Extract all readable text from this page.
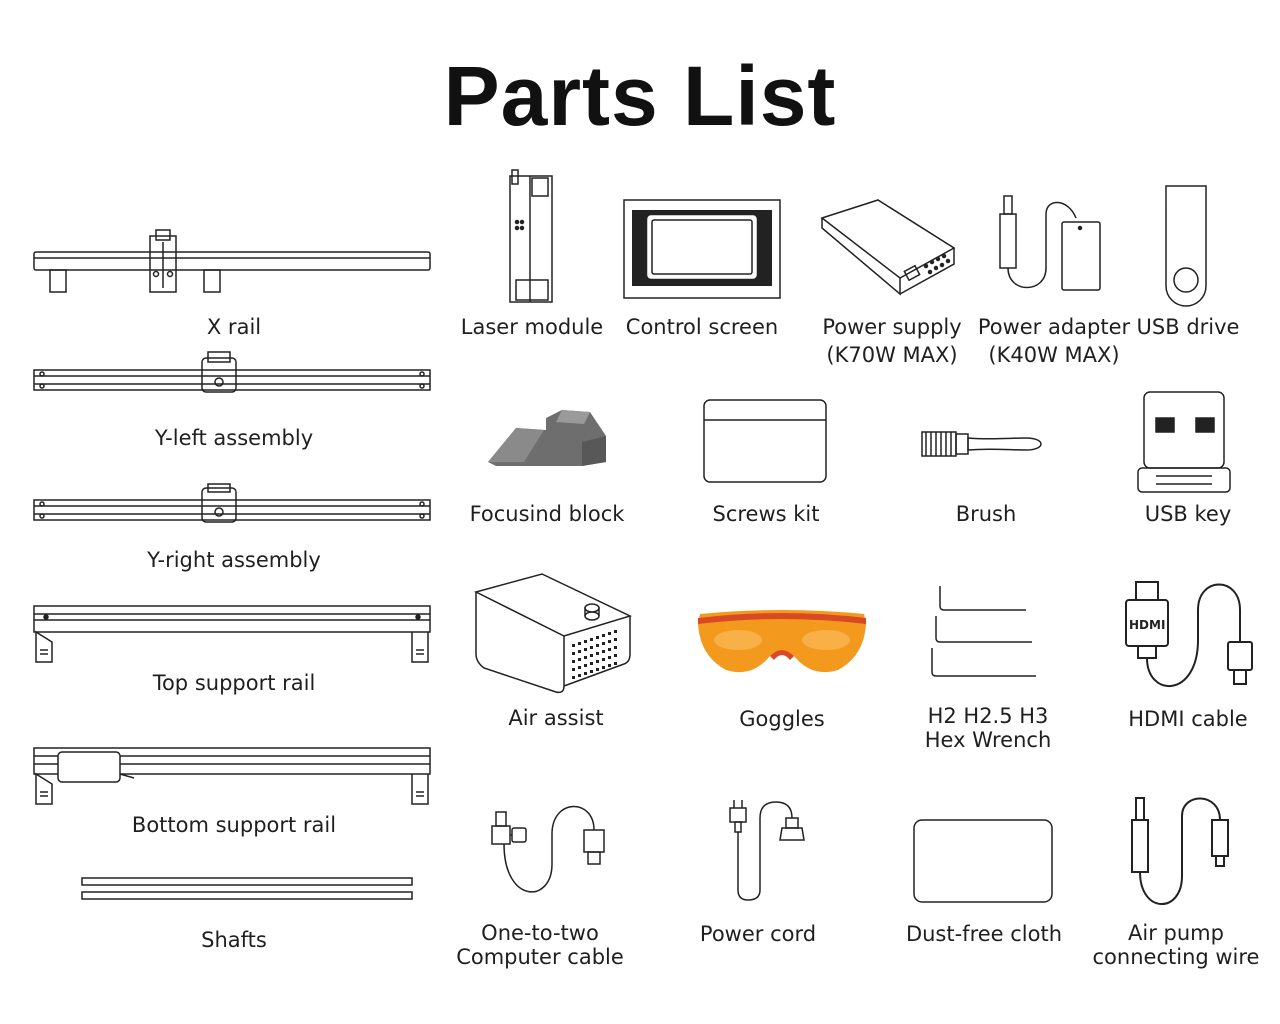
Parts List
X rail
Y-left assembly
Y-right assembly
Top support rail
Bottom support rail
Shafts
Laser module	Control screen	Power supply
(K70W MAX)
Power adapter
(K40W MAX)
USB drive
Focusind block	Screws kit	Brush	USB key
Air assist	Goggles	H2 H2.5 H3
Hex Wrench
HDMI
HDMI cable
One-to-two
Computer cable
Power cord	Dust-free cloth	Air pump
connecting wire
